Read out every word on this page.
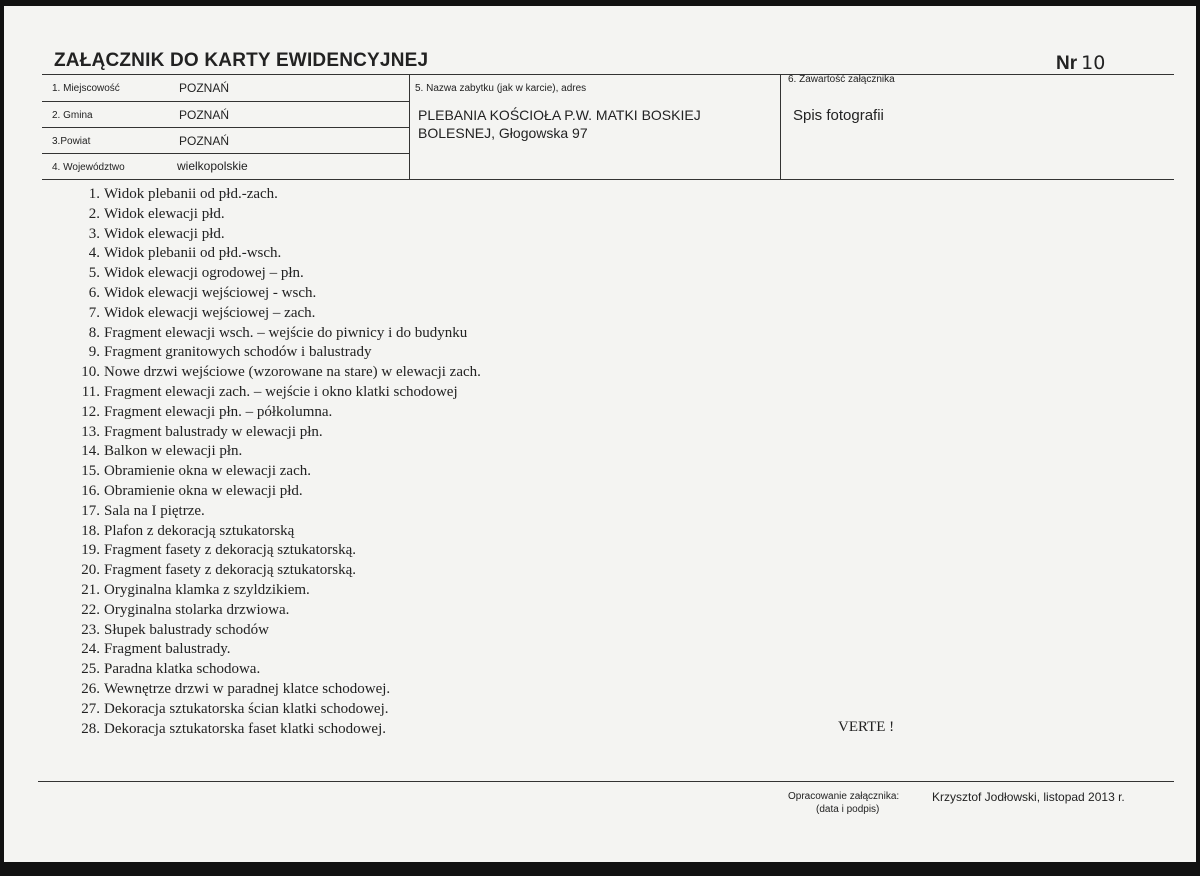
ZAŁĄCZNIK DO KARTY EWIDENCYJNEJ	Nr 10
1. Miejscowość	POZNAŃ
2. Gmina	POZNAŃ
3.Powiat	POZNAŃ
4. Województwo	wielkopolskie
5. Nazwa zabytku (jak w karcie), adres
PLEBANIA KOŚCIOŁA P.W. MATKI BOSKIEJ BOLESNEJ, Głogowska 97
6. Zawartość załącznika
Spis fotografii
1. Widok plebanii od płd.-zach.
2. Widok elewacji płd.
3. Widok elewacji płd.
4. Widok plebanii od płd.-wsch.
5. Widok elewacji ogrodowej – płn.
6. Widok elewacji wejściowej - wsch.
7. Widok elewacji wejściowej – zach.
8. Fragment elewacji wsch. – wejście do piwnicy i do budynku
9. Fragment granitowych schodów i balustrady
10. Nowe drzwi wejściowe (wzorowane na stare) w elewacji zach.
11. Fragment elewacji zach. – wejście i okno klatki schodowej
12. Fragment elewacji płn. – półkolumna.
13. Fragment balustrady w elewacji płn.
14. Balkon w elewacji płn.
15. Obramienie okna w elewacji zach.
16. Obramienie okna w elewacji płd.
17. Sala na I piętrze.
18. Plafon z dekoracją sztukatorską
19. Fragment fasety z dekoracją sztukatorską.
20. Fragment fasety z dekoracją sztukatorską.
21. Oryginalna klamka z szyldzikiem.
22. Oryginalna stolarka drzwiowa.
23. Słupek balustrady schodów
24. Fragment balustrady.
25. Paradna klatka schodowa.
26. Wewnętrze drzwi w paradnej klatce schodowej.
27. Dekoracja sztukatorska ścian klatki schodowej.
28. Dekoracja sztukatorska faset klatki schodowej.	VERTE !
Opracowanie załącznika:
(data i podpis)
Krzysztof Jodłowski, listopad 2013 r.
